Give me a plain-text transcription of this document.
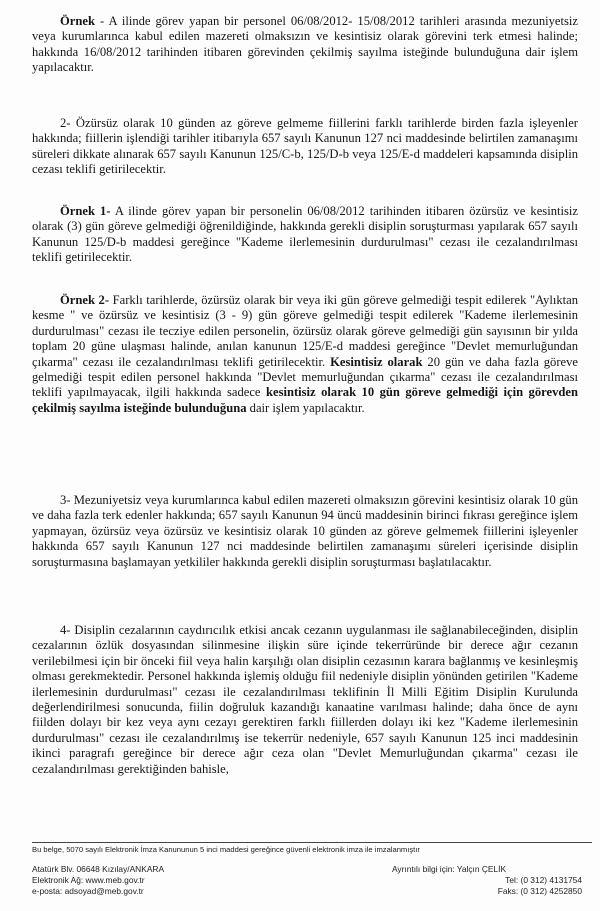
Örnek - A ilinde görev yapan bir personel 06/08/2012- 15/08/2012 tarihleri arasında mezuniyetsiz veya kurumlarınca kabul edilen mazereti olmaksızın ve kesintisiz olarak görevini terk etmesi halinde; hakkında 16/08/2012 tarihinden itibaren görevinden çekilmiş sayılma isteğinde bulunduğuna dair işlem yapılacaktır.

2- Özürsüz olarak 10 günden az göreve gelmeme fiillerini farklı tarihlerde birden fazla işleyenler hakkında; fiillerin işlendiği tarihler itibarıyla 657 sayılı Kanunun 127 nci maddesinde belirtilen zamanaşımı süreleri dikkate alınarak 657 sayılı Kanunun 125/C-b, 125/D-b veya 125/E-d maddeleri kapsamında disiplin cezası teklifi getirilecektir.

Örnek 1- A ilinde görev yapan bir personelin 06/08/2012 tarihinden itibaren özürsüz ve kesintisiz olarak (3) gün göreve gelmediği öğrenildiğinde, hakkında gerekli disiplin soruşturması yapılarak 657 sayılı Kanunun 125/D-b maddesi gereğince "Kademe ilerlemesinin durdurulması" cezası ile cezalandırılması teklifi getirilecektir.

Örnek 2- Farklı tarihlerde, özürsüz olarak bir veya iki gün göreve gelmediği tespit edilerek "Aylıktan kesme " ve özürsüz ve kesintisiz (3 - 9) gün göreve gelmediği tespit edilerek "Kademe ilerlemesinin durdurulması" cezası ile tecziye edilen personelin, özürsüz olarak göreve gelmediği gün sayısının bir yılda toplam 20 güne ulaşması halinde, anılan kanunun 125/E-d maddesi gereğince "Devlet memurluğundan çıkarma" cezası ile cezalandırılması teklifi getirilecektir. Kesintisiz olarak 20 gün ve daha fazla göreve gelmediği tespit edilen personel hakkında "Devlet memurluğundan çıkarma" cezası ile cezalandırılması teklifi yapılmayacak, ilgili hakkında sadece kesintisiz olarak 10 gün göreve gelmediği için görevden çekilmiş sayılma isteğinde bulunduğuna dair işlem yapılacaktır.

3- Mezuniyetsiz veya kurumlarınca kabul edilen mazereti olmaksızın görevini kesintisiz olarak 10 gün ve daha fazla terk edenler hakkında; 657 sayılı Kanunun 94 üncü maddesinin birinci fıkrası gereğince işlem yapmayan, özürsüz veya özürsüz ve kesintisiz olarak 10 günden az göreve gelmemek fiillerini işleyenler hakkında 657 sayılı Kanunun 127 nci maddesinde belirtilen zamanaşımı süreleri içerisinde disiplin soruşturmasına başlamayan yetkililer hakkında gerekli disiplin soruşturması başlatılacaktır.

4- Disiplin cezalarının caydırıcılık etkisi ancak cezanın uygulanması ile sağlanabileceğinden, disiplin cezalarının özlük dosyasından silinmesine ilişkin süre içinde tekerrüründe bir derece ağır cezanın verilebilmesi için bir önceki fiil veya halin karşılığı olan disiplin cezasının karara bağlanmış ve kesinleşmiş olması gerekmektedir. Personel hakkında işlemiş olduğu fiil nedeniyle disiplin yönünden getirilen "Kademe ilerlemesinin durdurulması" cezası ile cezalandırılması teklifinin İl Milli Eğitim Disiplin Kurulunda değerlendirilmesi sonucunda, fiilin doğruluk kazandığı kanaatine varılması halinde; daha önce de aynı fiilden dolayı bir kez veya aynı cezayı gerektiren farklı fiillerden dolayı iki kez "Kademe ilerlemesinin durdurulması" cezası ile cezalandırılmış ise tekerrür nedeniyle, 657 sayılı Kanunun 125 inci maddesinin ikinci paragrafı gereğince bir derece ağır ceza olan "Devlet Memurluğundan çıkarma" cezası ile cezalandırılması gerektiğinden bahisle,

Bu belge, 5070 sayılı Elektronik İmza Kanununun 5 inci maddesi gereğince güvenli elektronik imza ile imzalanmıştır
Atatürk Blv. 06648 Kızılay/ANKARA
Elektronik Ağ: www.meb.gov.tr
e-posta: adsoyad@meb.gov.tr
Ayrıntılı bilgi için: Yalçın ÇELİK
Tel: (0 312) 4131754
Faks: (0 312) 4252850
